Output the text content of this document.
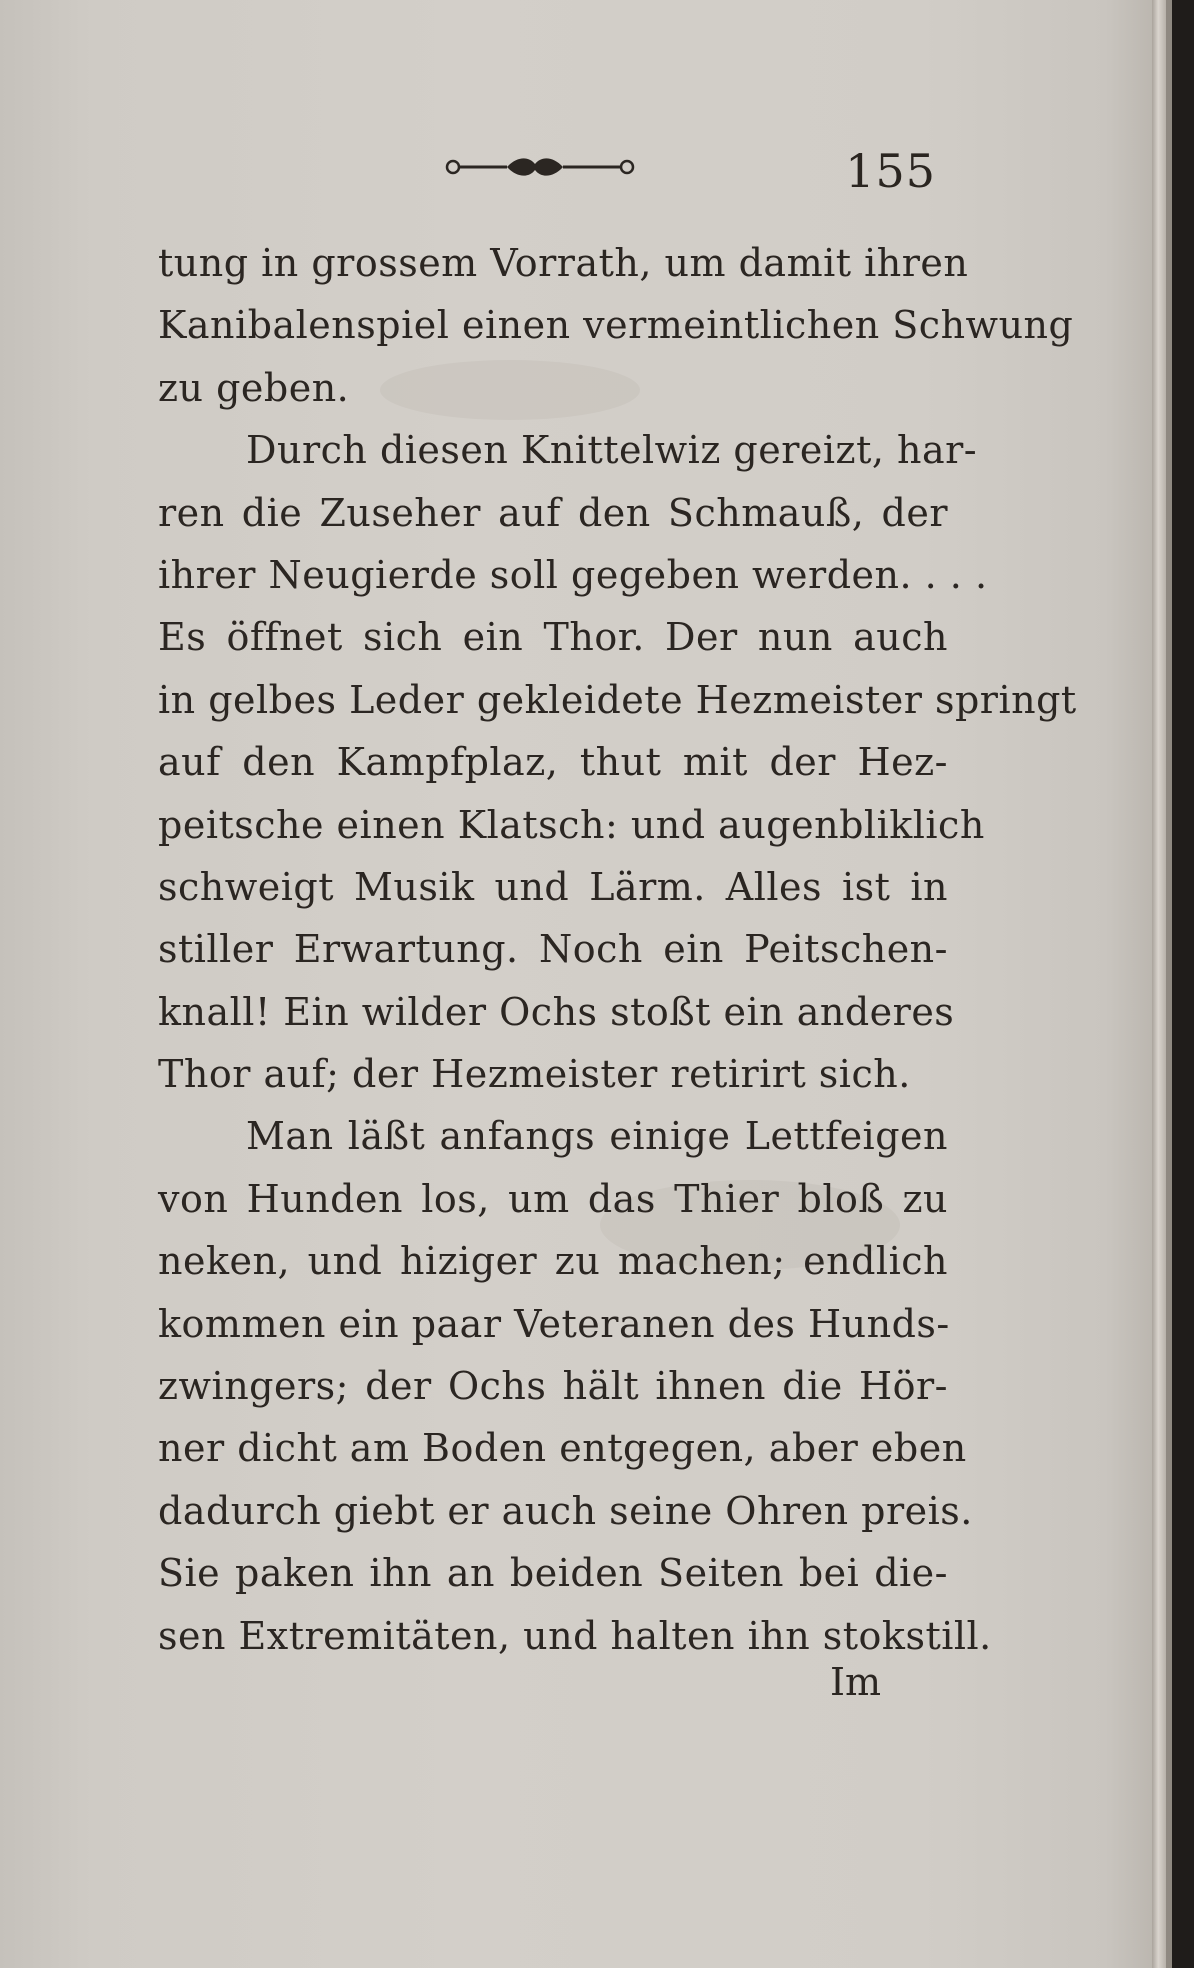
155
tung in grossem Vorrath, um damit ihren
Kanibalenspiel einen vermeintlichen Schwung
zu geben.
Durch diesen Knittelwiz gereizt, har-
ren die Zuseher auf den Schmauß, der
ihrer Neugierde soll gegeben werden. . . .
Es öffnet sich ein Thor. Der nun auch
in gelbes Leder gekleidete Hezmeister springt
auf den Kampfplaz, thut mit der Hez-
peitsche einen Klatsch: und augenbliklich
schweigt Musik und Lärm. Alles ist in
stiller Erwartung. Noch ein Peitschen-
knall! Ein wilder Ochs stoßt ein anderes
Thor auf; der Hezmeister retirirt sich.
Man läßt anfangs einige Lettfeigen
von Hunden los, um das Thier bloß zu
neken, und hiziger zu machen; endlich
kommen ein paar Veteranen des Hunds-
zwingers; der Ochs hält ihnen die Hör-
ner dicht am Boden entgegen, aber eben
dadurch giebt er auch seine Ohren preis.
Sie paken ihn an beiden Seiten bei die-
sen Extremitäten, und halten ihn stokstill.
Im
